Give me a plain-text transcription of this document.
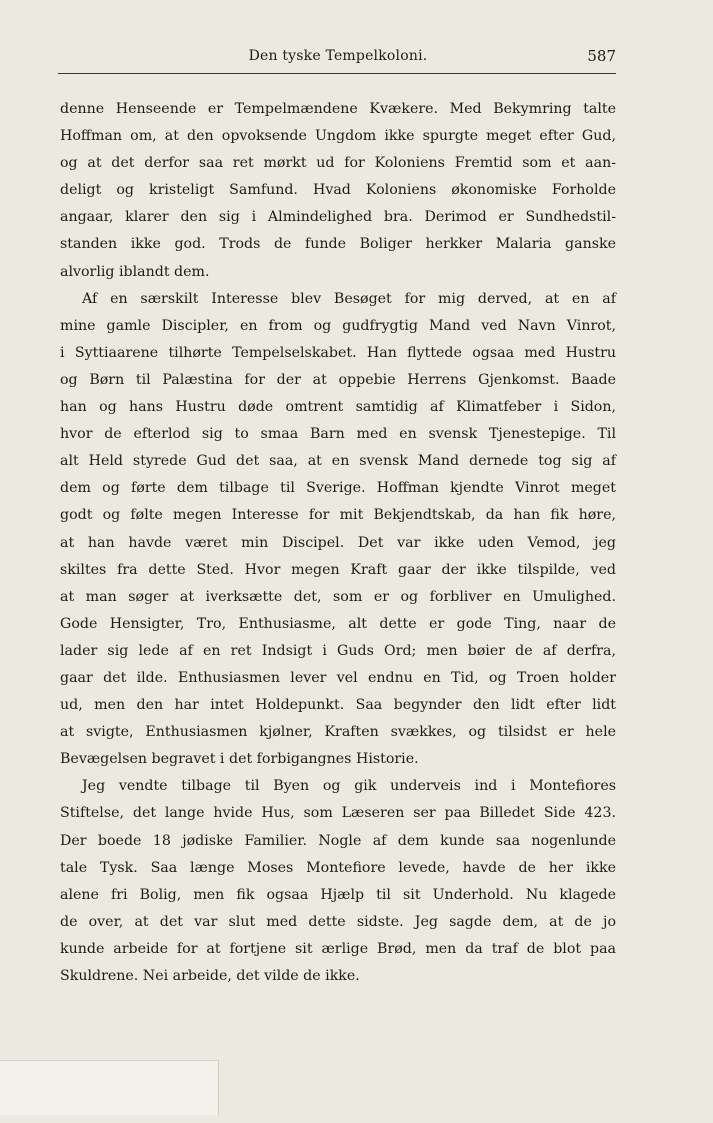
Den tyske Tempelkoloni.	587
denne Henseende er Tempelmændene Kvækere. Med Bekymring talte
Hoffman om, at den opvoksende Ungdom ikke spurgte meget efter Gud,
og at det derfor saa ret mørkt ud for Koloniens Fremtid som et aan-
deligt og kristeligt Samfund. Hvad Koloniens økonomiske Forholde
angaar, klarer den sig i Almindelighed bra. Derimod er Sundhedstil-
standen ikke god. Trods de funde Boliger herkker Malaria ganske
alvorlig iblandt dem.
Af en særskilt Interesse blev Besøget for mig derved, at en af
mine gamle Discipler, en from og gudfrygtig Mand ved Navn Vinrot,
i Syttiaarene tilhørte Tempelselskabet. Han flyttede ogsaa med Hustru
og Børn til Palæstina for der at oppebie Herrens Gjenkomst. Baade
han og hans Hustru døde omtrent samtidig af Klimatfeber i Sidon,
hvor de efterlod sig to smaa Barn med en svensk Tjenestepige. Til
alt Held styrede Gud det saa, at en svensk Mand dernede tog sig af
dem og førte dem tilbage til Sverige. Hoffman kjendte Vinrot meget
godt og følte megen Interesse for mit Bekjendtskab, da han fik høre,
at han havde været min Discipel. Det var ikke uden Vemod, jeg
skiltes fra dette Sted. Hvor megen Kraft gaar der ikke tilspilde, ved
at man søger at iverksætte det, som er og forbliver en Umulighed.
Gode Hensigter, Tro, Enthusiasme, alt dette er gode Ting, naar de
lader sig lede af en ret Indsigt i Guds Ord; men bøier de af derfra,
gaar det ilde. Enthusiasmen lever vel endnu en Tid, og Troen holder
ud, men den har intet Holdepunkt. Saa begynder den lidt efter lidt
at svigte, Enthusiasmen kjølner, Kraften svækkes, og tilsidst er hele
Bevægelsen begravet i det forbigangnes Historie.
Jeg vendte tilbage til Byen og gik underveis ind i Montefiores
Stiftelse, det lange hvide Hus, som Læseren ser paa Billedet Side 423.
Der boede 18 jødiske Familier. Nogle af dem kunde saa nogenlunde
tale Tysk. Saa længe Moses Montefiore levede, havde de her ikke
alene fri Bolig, men fik ogsaa Hjælp til sit Underhold. Nu klagede
de over, at det var slut med dette sidste. Jeg sagde dem, at de jo
kunde arbeide for at fortjene sit ærlige Brød, men da traf de blot paa
Skuldrene. Nei arbeide, det vilde de ikke.
